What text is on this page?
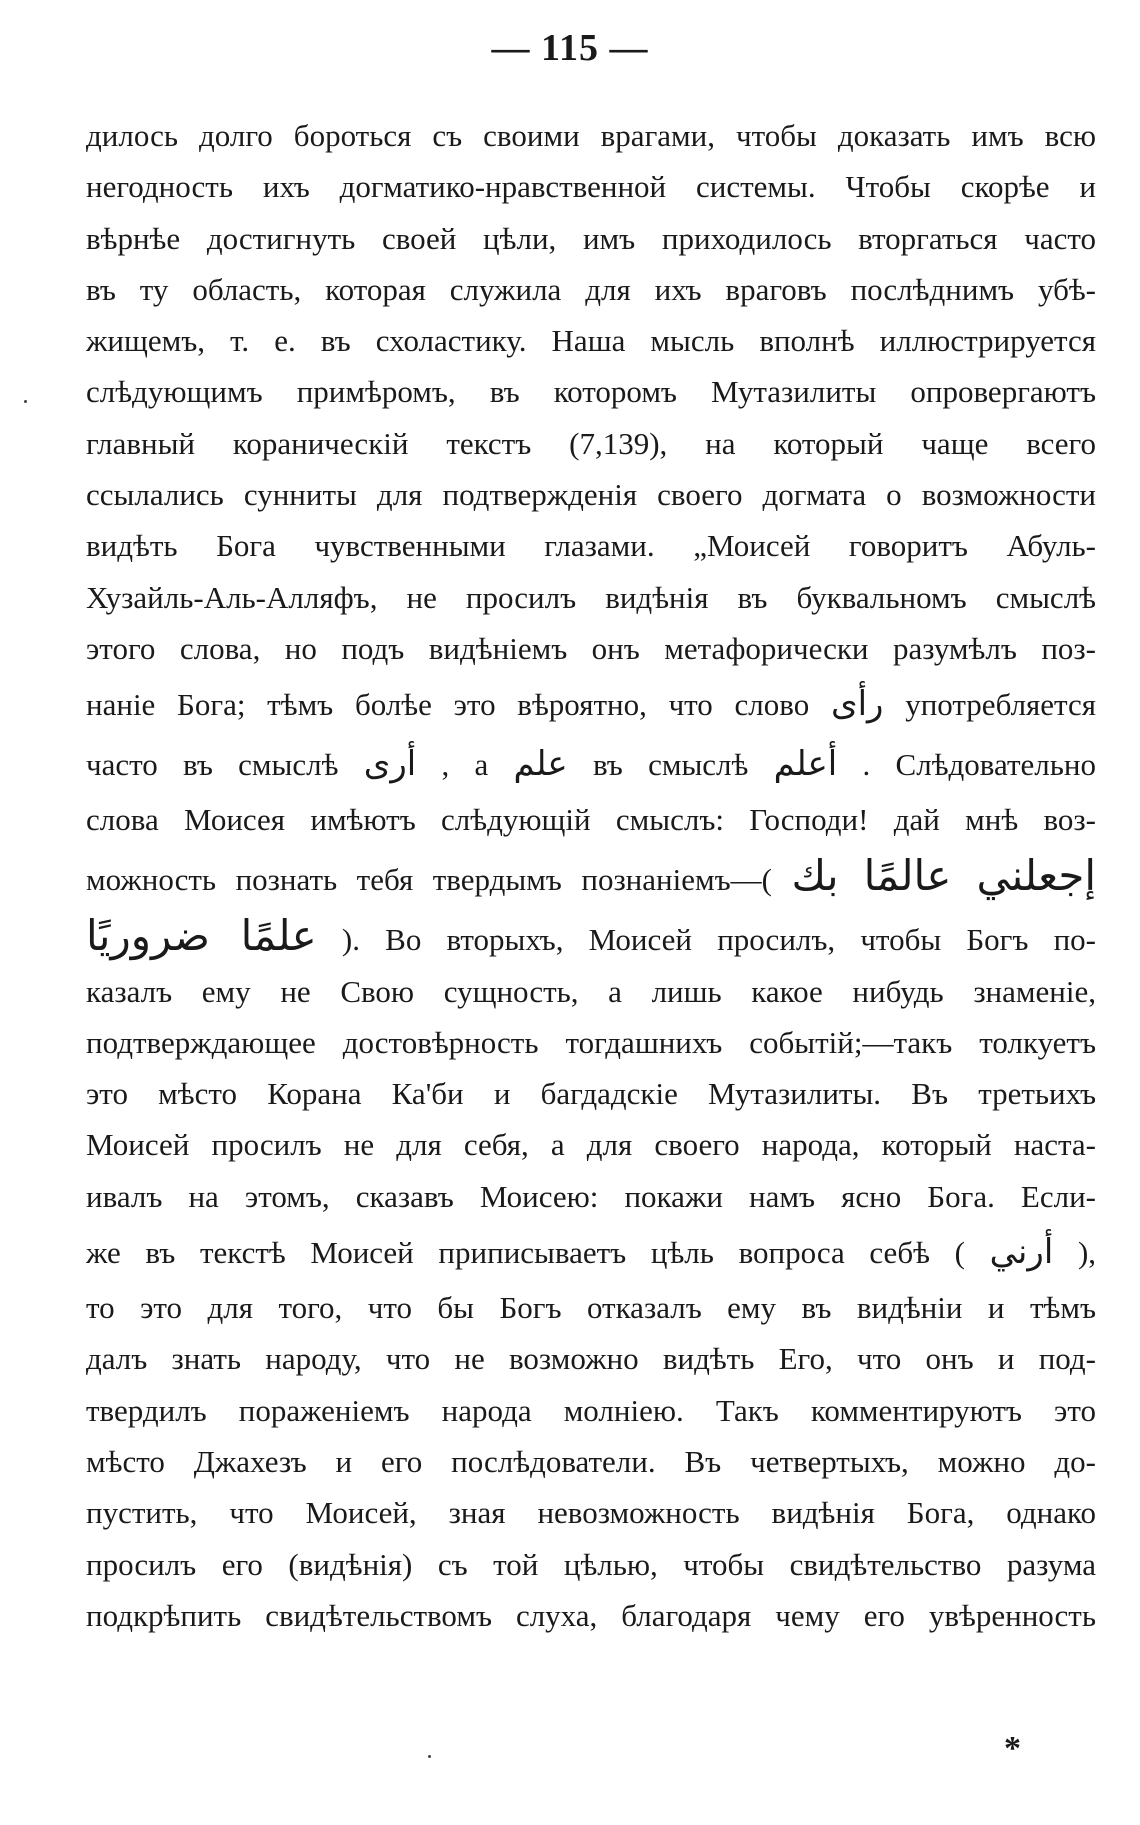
— 115 —
дилось долго бороться съ своими врагами, чтобы доказать имъ всю
негодность ихъ догматико-нравственной системы. Чтобы скорѣе и
вѣрнѣе достигнуть своей цѣли, имъ приходилось вторгаться часто
въ ту область, которая служила для ихъ враговъ послѣднимъ убѣ-
жищемъ, т. е. въ схоластику. Наша мысль вполнѣ иллюстрируется
слѣдующимъ примѣромъ, въ которомъ Мутазилиты опровергаютъ
главный кораническій текстъ (7,139), на который чаще всего
ссылались сунниты для подтвержденія своего догмата о возможности
видѣть Бога чувственными глазами. „Моисей говоритъ Абуль-
Хузайль-Аль-Алляфъ, не просилъ видѣнія въ буквальномъ смыслѣ
этого слова, но подъ видѣніемъ онъ метафорически разумѣлъ поз-
наніе Бога; тѣмъ болѣе это вѣроятно, что слово رأى употребляется
часто въ смыслѣ أرى , а علم въ смыслѣ أعلم . Слѣдовательно
слова Моисея имѣютъ слѣдующій смыслъ: Господи! дай мнѣ воз-
можность познать тебя твердымъ познаніемъ—( إجعلني عالمًا بك
علمًا ضروريًا ). Во вторыхъ, Моисей просилъ, чтобы Богъ по-
казалъ ему не Свою сущность, а лишь какое нибудь знаменіе,
подтверждающее достовѣрность тогдашнихъ событій;—такъ толкуетъ
это мѣсто Корана Ка'би и багдадскіе Мутазилиты. Въ третьихъ
Моисей просилъ не для себя, а для своего народа, который наста-
ивалъ на этомъ, сказавъ Моисею: покажи намъ ясно Бога. Если-
же въ текстѣ Моисей приписываетъ цѣль вопроса себѣ ( أرني ),
то это для того, что бы Богъ отказалъ ему въ видѣніи и тѣмъ
далъ знать народу, что не возможно видѣть Его, что онъ и под-
твердилъ пораженіемъ народа молніею. Такъ комментируютъ это
мѣсто Джахезъ и его послѣдователи. Въ четвертыхъ, можно до-
пустить, что Моисей, зная невозможность видѣнія Бога, однако
просилъ его (видѣнія) съ той цѣлью, чтобы свидѣтельство разума
подкрѣпить свидѣтельствомъ слуха, благодаря чему его увѣренность
*
